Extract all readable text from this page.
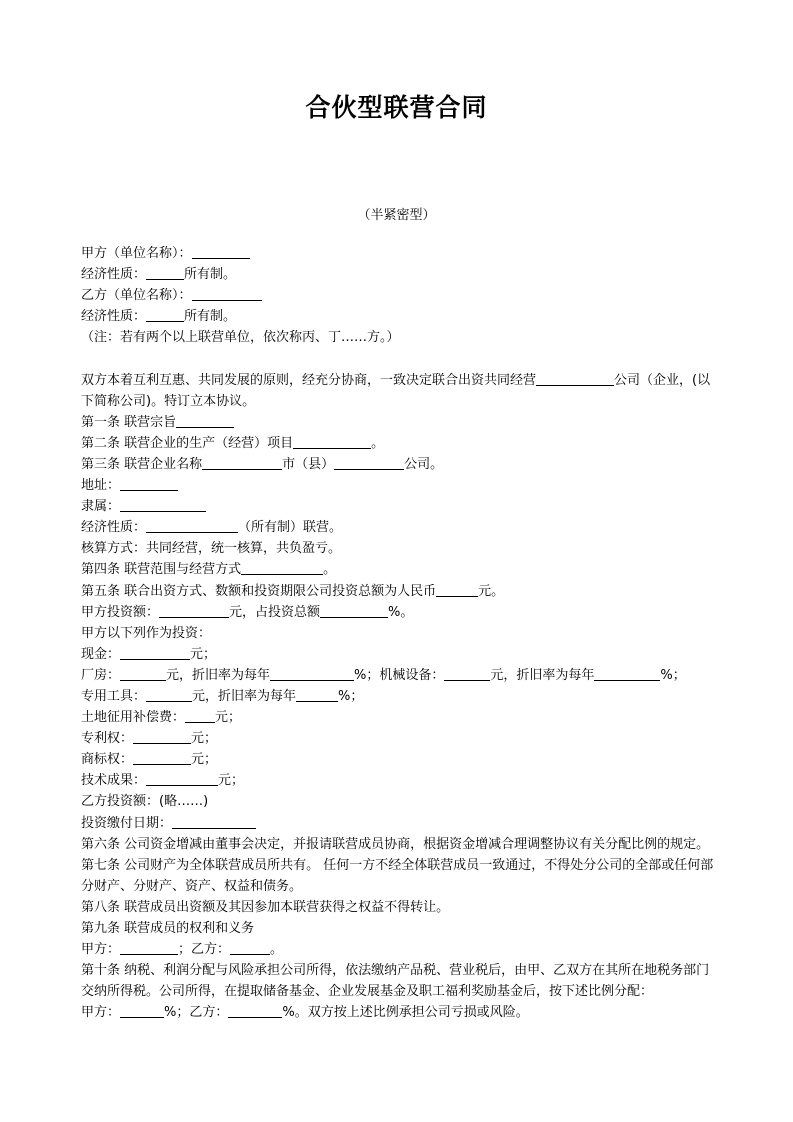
合伙型联营合同
（半紧密型）
甲方（单位名称）：
经济性质：	所有制。
乙方（单位名称）：
经济性质：	所有制。
（注：若有两个以上联营单位，依次称丙、丁……方。）
双方本着互利互惠、共同发展的原则，经充分协商，一致决定联合出资共同经营	公司（企业，(以下简称公司)。特订立本协议。
第一条 联营宗旨
第二条 联营企业的生产（经营）项目	。
第三条 联营企业名称	市（县）	公司。
地址：
隶属：
经济性质：	（所有制）联营。
核算方式：共同经营，统一核算，共负盈亏。
第四条 联营范围与经营方式	。
第五条 联合出资方式、数额和投资期限公司投资总额为人民币	元。
甲方投资额：	元，占投资总额	%。
甲方以下列作为投资：
现金：	元；
厂房：	元，折旧率为每年	%；机械设备：	元，折旧率为每年	%；
专用工具：	元，折旧率为每年	%；
土地征用补偿费： 元；
专利权：	元；
商标权：	元；
技术成果：	元；
乙方投资额：(略……)
投资缴付日期：
第六条 公司资金增减由董事会决定，并报请联营成员协商，根据资金增减合理调整协议有关分配比例的规定。
第七条 公司财产为全体联营成员所共有。 任何一方不经全体联营成员一致通过，不得处分公司的全部或任何部分财产、分财产、资产、权益和债务。
第八条 联营成员出资额及其因参加本联营获得之权益不得转让。
第九条 联营成员的权利和义务
甲方：	；乙方：	。
第十条 纳税、利润分配与风险承担公司所得，依法缴纳产品税、营业税后，由甲、乙双方在其所在地税务部门交纳所得税。公司所得，在提取储备基金、企业发展基金及职工福利奖励基金后，按下述比例分配：
甲方：	%；乙方：	%。双方按上述比例承担公司亏损或风险。
